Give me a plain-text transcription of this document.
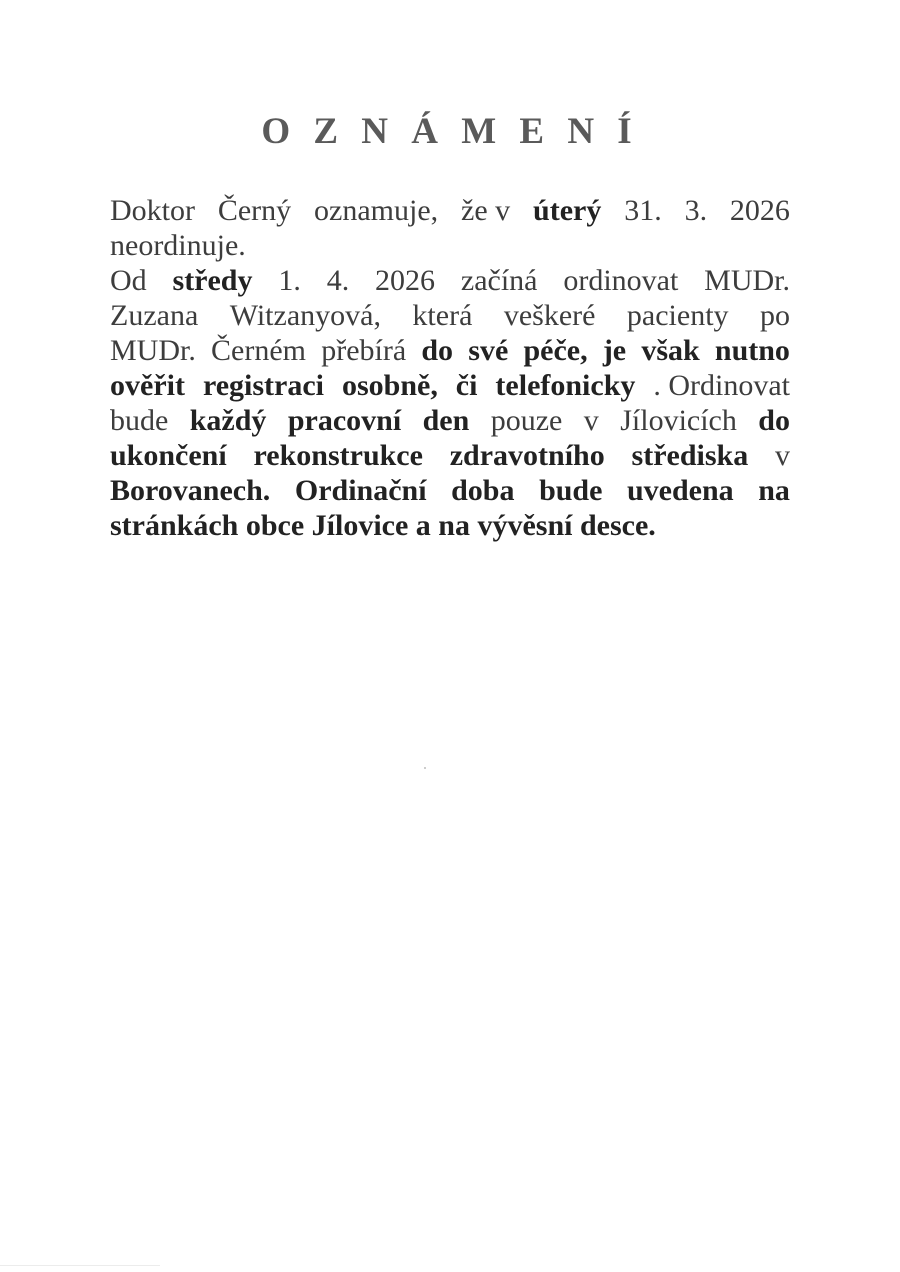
O Z N Á M E N Í
Doktor Černý oznamuje, že v úterý 31. 3. 2026
neordinuje.
Od středy 1. 4. 2026 začíná ordinovat MUDr.
Zuzana Witzanyová, která veškeré pacienty po
MUDr. Černém přebírá do své péče, je však nutno
ověřit registraci osobně, či telefonicky . Ordinovat
bude každý pracovní den pouze v Jílovicích do
ukončení rekonstrukce zdravotního střediska v
Borovanech. Ordinační doba bude uvedena na
stránkách obce Jílovice a na vývěsní desce.
